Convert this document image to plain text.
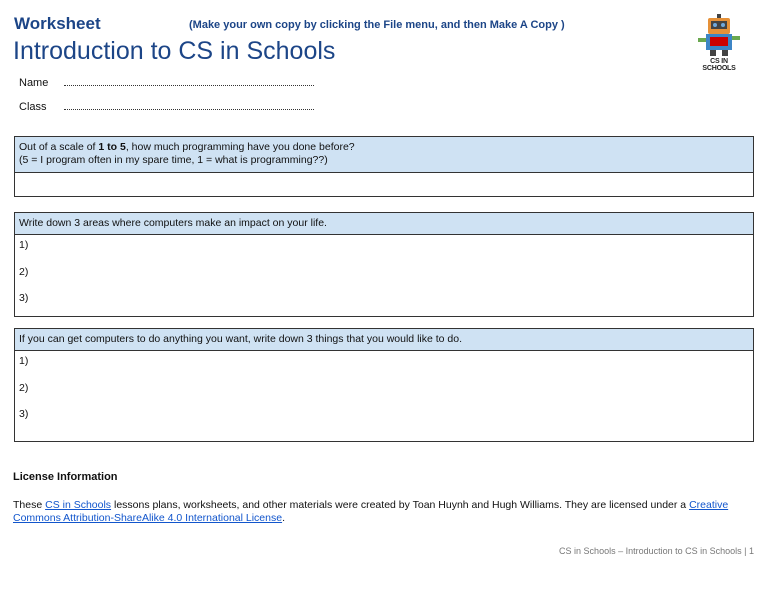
Worksheet	(Make your own copy by clicking the File menu, and then Make A Copy )
Introduction to CS in Schools	CS IN SCHOOLS
Name
Class
Out of a scale of 1 to 5, how much programming have you done before?
(5 = I program often in my spare time, 1 = what is programming??)
Write down 3 areas where computers make an impact on your life.
1)
2)
3)
If you can get computers to do anything you want, write down 3 things that you would like to do.
1)
2)
3)
License Information
These CS in Schools lessons plans, worksheets, and other materials were created by Toan Huynh and Hugh Williams. They are licensed under a Creative Commons Attribution-ShareAlike 4.0 International License.
CS in Schools – Introduction to CS in Schools | 1
